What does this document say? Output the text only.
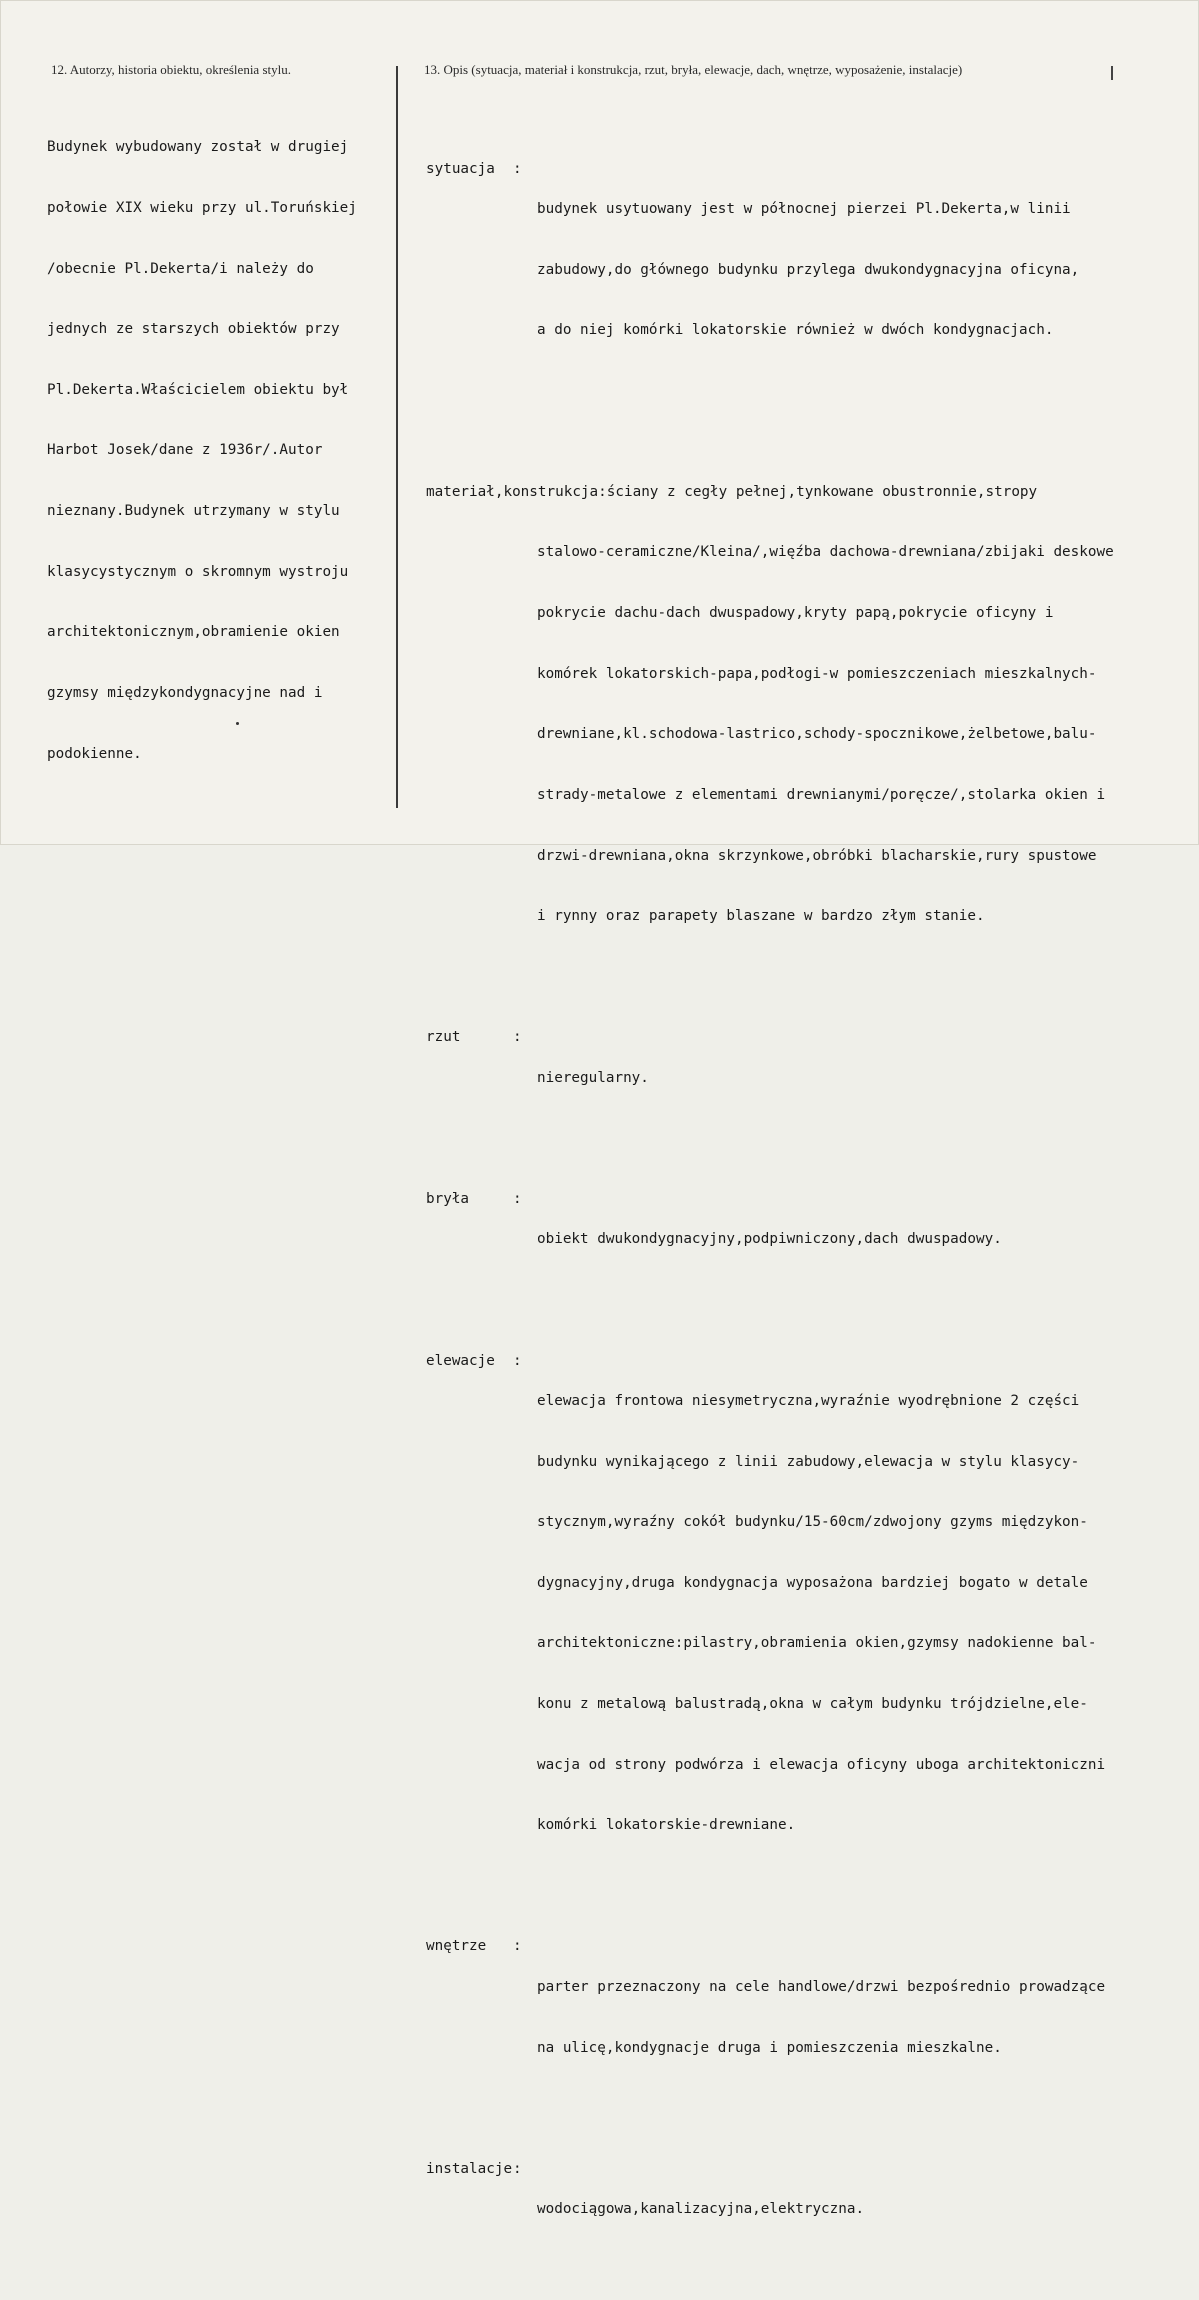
12. Autorzy, historia obiektu, określenia stylu.	13. Opis (sytuacja, materiał i konstrukcja, rzut, bryła, elewacje, dach, wnętrze, wyposażenie, instalacje)

Budynek wybudowany został w drugiej

połowie XIX wieku przy ul.Toruńskiej

/obecnie Pl.Dekerta/i należy do

jednych ze starszych obiektów przy

Pl.Dekerta.Właścicielem obiektu był

Harbot Josek/dane z 1936r/.Autor

nieznany.Budynek utrzymany w stylu

klasycystycznym o skromnym wystroju

architektonicznym,obramienie okien

gzymsy międzykondygnacyjne nad i

podokienne.

sytuacja	:

budynek usytuowany jest w północnej pierzei Pl.Dekerta,w linii

zabudowy,do głównego budynku przylega dwukondygnacyjna oficyna,

a do niej komórki lokatorskie również w dwóch kondygnacjach.

materiał,konstrukcja:ściany z cegły pełnej,tynkowane obustronnie,stropy

stalowo-ceramiczne/Kleina/,więźba dachowa-drewniana/zbijaki deskowe

pokrycie dachu-dach dwuspadowy,kryty papą,pokrycie oficyny i

komórek lokatorskich-papa,podłogi-w pomieszczeniach mieszkalnych-

drewniane,kl.schodowa-lastrico,schody-spocznikowe,żelbetowe,balu-

strady-metalowe z elementami drewnianymi/poręcze/,stolarka okien i

drzwi-drewniana,okna skrzynkowe,obróbki blacharskie,rury spustowe

i rynny oraz parapety blaszane w bardzo złym stanie.

rzut	:

nieregularny.

bryła	:

obiekt dwukondygnacyjny,podpiwniczony,dach dwuspadowy.

elewacje	:

elewacja frontowa niesymetryczna,wyraźnie wyodrębnione 2 części

budynku wynikającego z linii zabudowy,elewacja w stylu klasycy-

stycznym,wyraźny cokół budynku/15-60cm/zdwojony gzyms międzykon-

dygnacyjny,druga kondygnacja wyposażona bardziej bogato w detale

architektoniczne:pilastry,obramienia okien,gzymsy nadokienne bal-

konu z metalową balustradą,okna w całym budynku trójdzielne,ele-

wacja od strony podwórza i elewacja oficyny uboga architektoniczni

komórki lokatorskie-drewniane.

wnętrze	:

parter przeznaczony na cele handlowe/drzwi bezpośrednio prowadzące

na ulicę,kondygnacje druga i pomieszczenia mieszkalne.

instalacje :

wodociągowa,kanalizacyjna,elektryczna.
